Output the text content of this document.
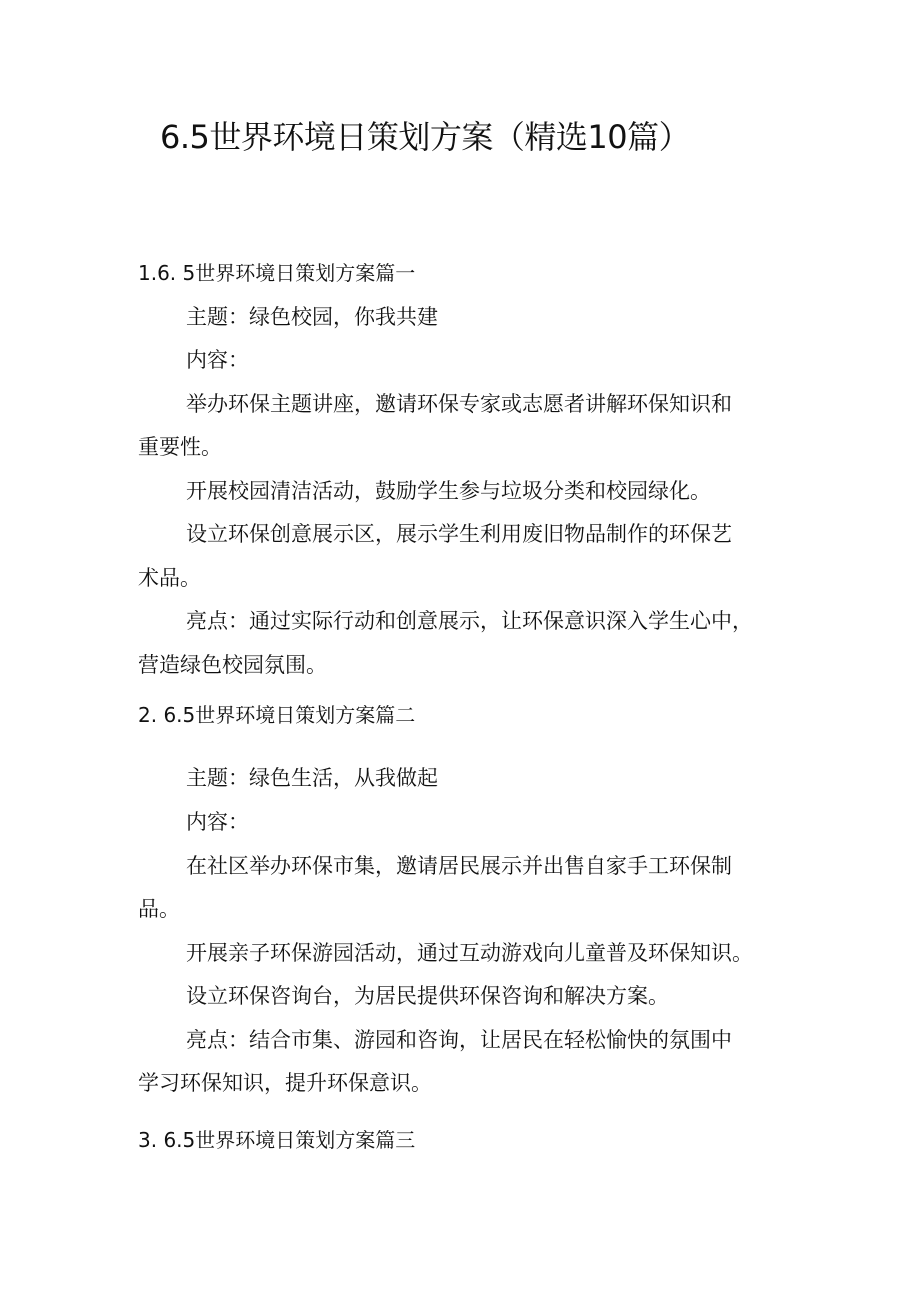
6.5世界环境日策划方案（精选10篇）
1.6. 5世界环境日策划方案篇一
主题：绿色校园，你我共建
内容：
举办环保主题讲座，邀请环保专家或志愿者讲解环保知识和
重要性。
开展校园清洁活动，鼓励学生参与垃圾分类和校园绿化。
设立环保创意展示区，展示学生利用废旧物品制作的环保艺
术品。
亮点：通过实际行动和创意展示，让环保意识深入学生心中，
营造绿色校园氛围。
2. 6.5世界环境日策划方案篇二
主题：绿色生活，从我做起
内容：
在社区举办环保市集，邀请居民展示并出售自家手工环保制
品。
开展亲子环保游园活动，通过互动游戏向儿童普及环保知识。
设立环保咨询台，为居民提供环保咨询和解决方案。
亮点：结合市集、游园和咨询，让居民在轻松愉快的氛围中
学习环保知识，提升环保意识。
3. 6.5世界环境日策划方案篇三
